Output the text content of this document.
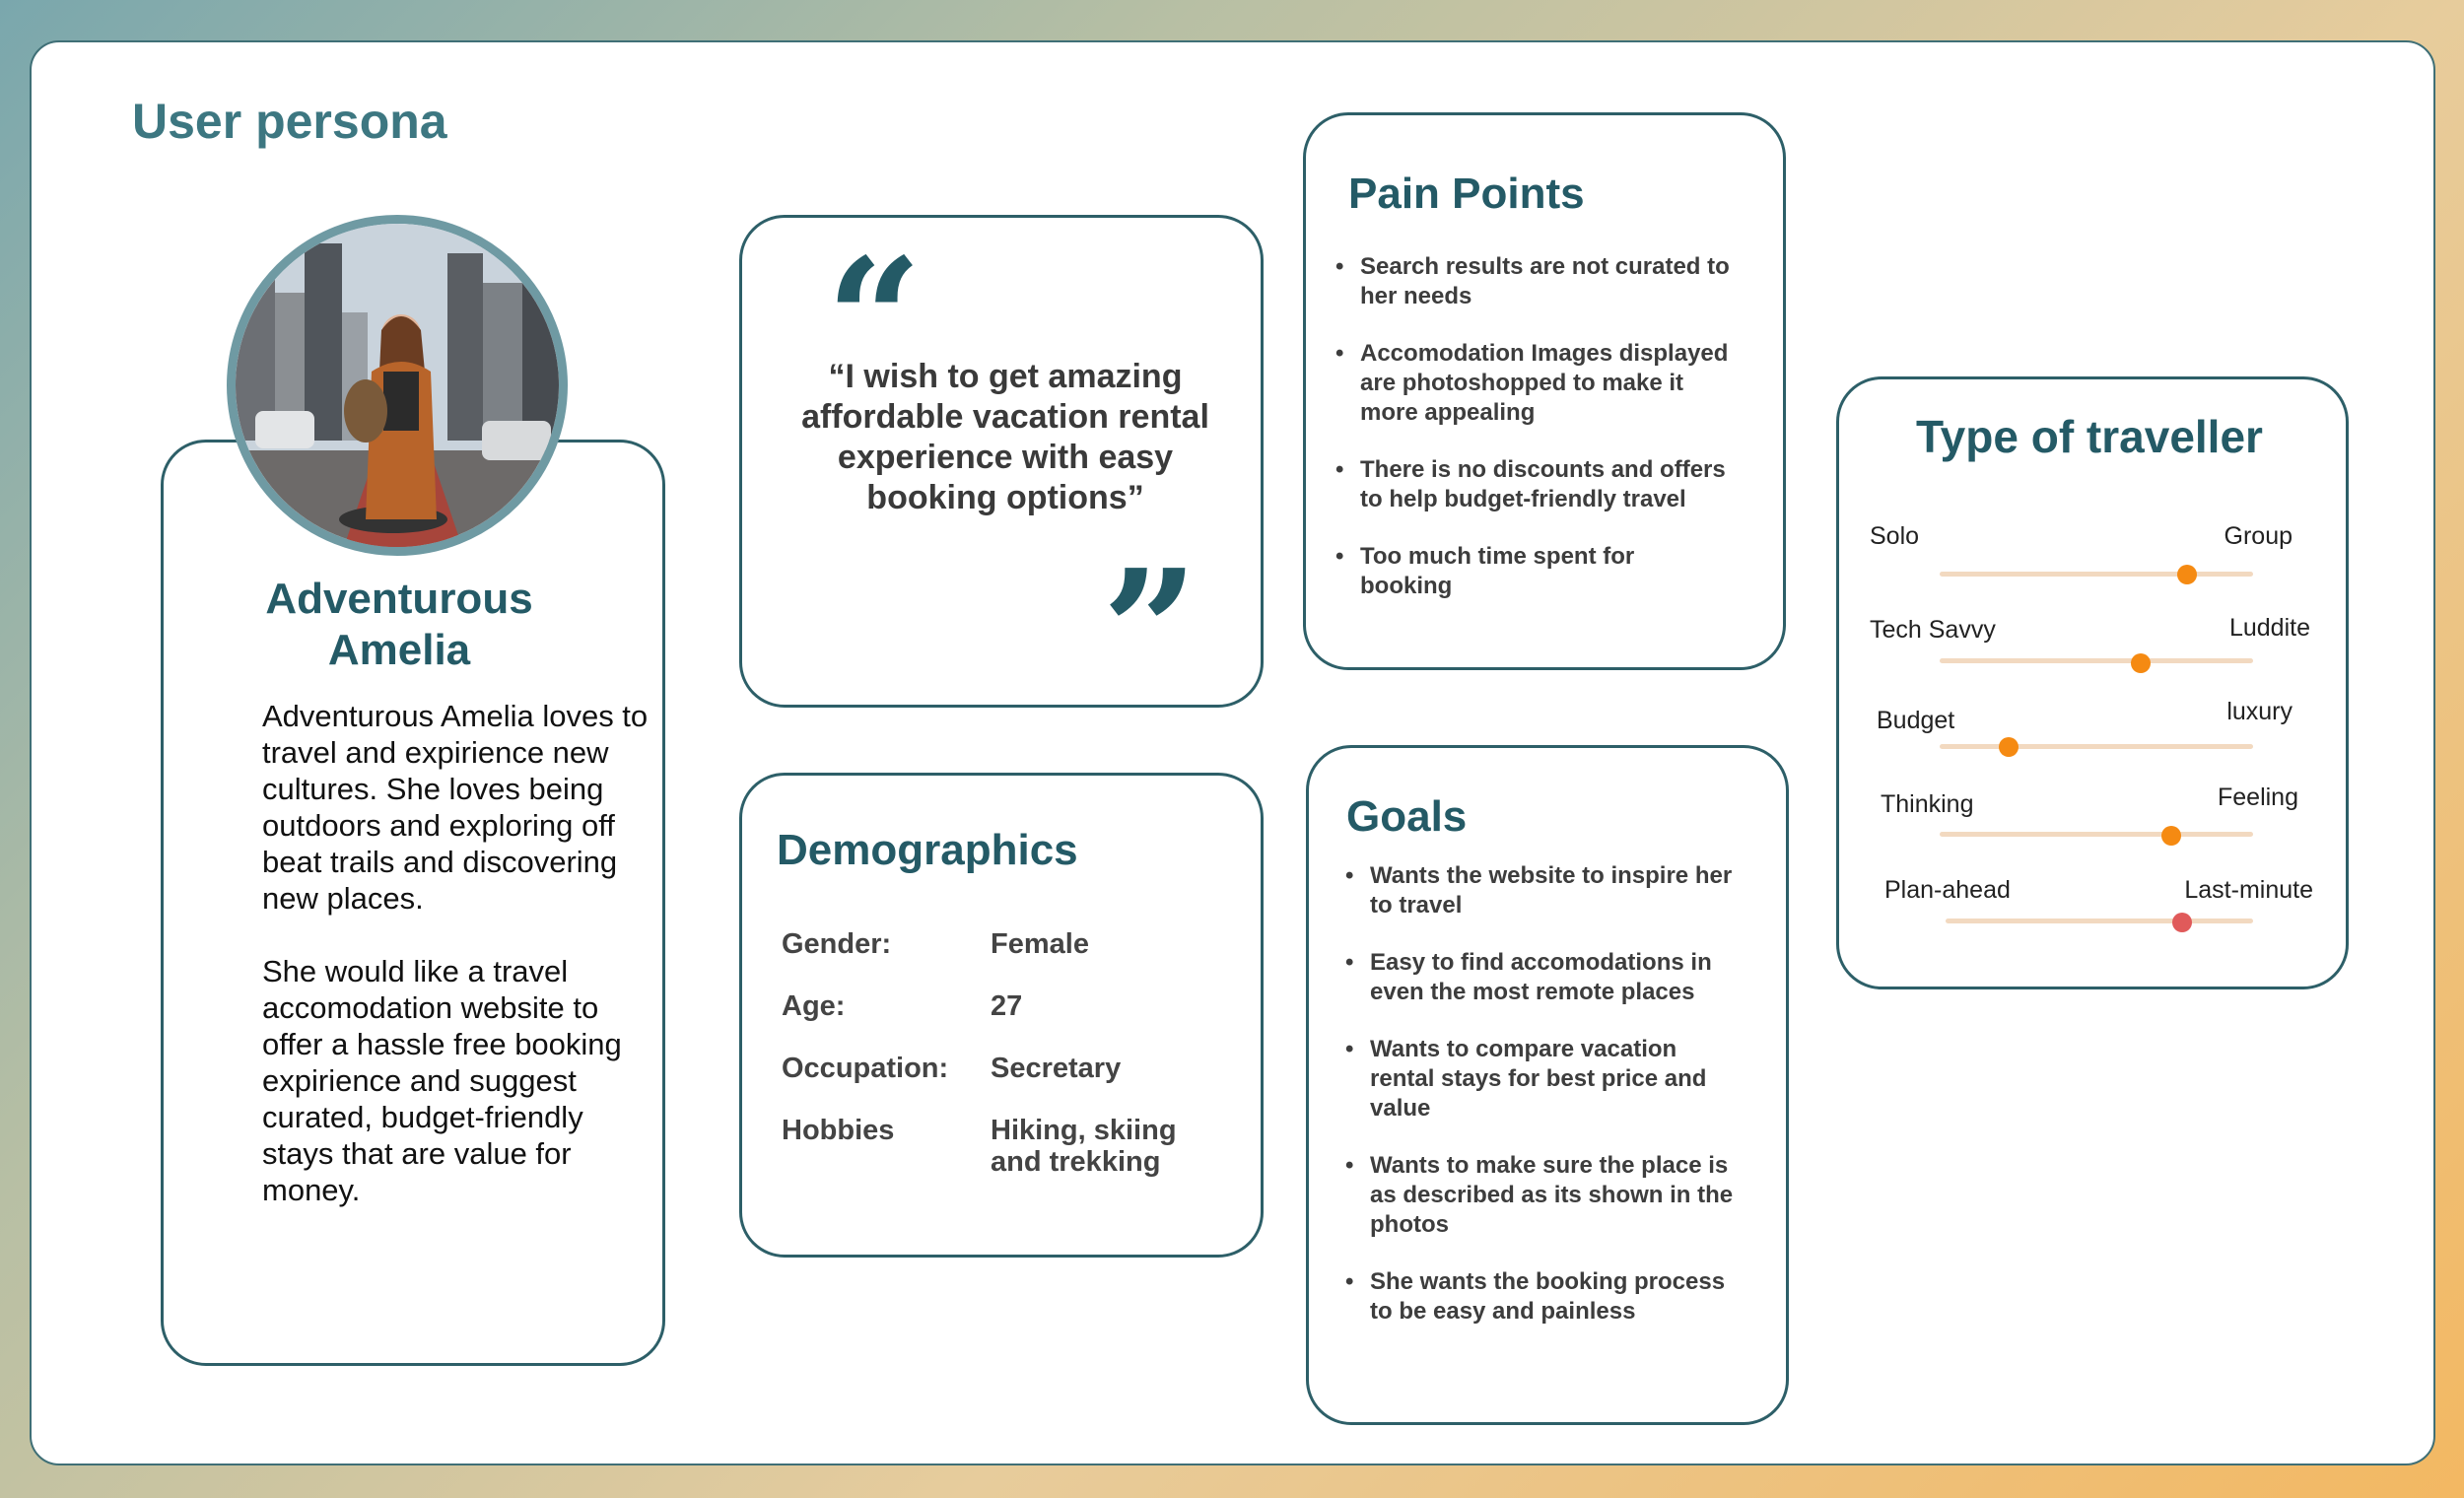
User persona
Adventurous
Amelia

Adventurous Amelia loves to travel and expirience new cultures. She loves being outdoors and exploring off beat trails and discovering new places.

She would like a travel accomodation website to offer a hassle free booking expirience and suggest curated, budget-friendly stays that are value for money.

“

“I wish to get amazing affordable vacation rental experience with easy booking options”

”
Demographics

Gender:	Female

Age:	27

Occupation: Secretary

Hobbies	Hiking, skiing and trekking

Pain Points
• Search results are not curated to her needs
• Accomodation Images displayed are photoshopped to make it more appealing
• There is no discounts and offers to help budget-friendly travel
• Too much time spent for booking
Goals
• Wants the website to inspire her to travel
• Easy to find accomodations in even the most remote places
• Wants to compare vacation rental stays for best price and value
• Wants to make sure the place is as described as its shown in the photos
• She wants the booking process to be easy and painless
Type of traveller
Solo	Group
Tech Savvy	Luddite
Budget	luxury
Thinking	Feeling
Plan-ahead	Last-minute
